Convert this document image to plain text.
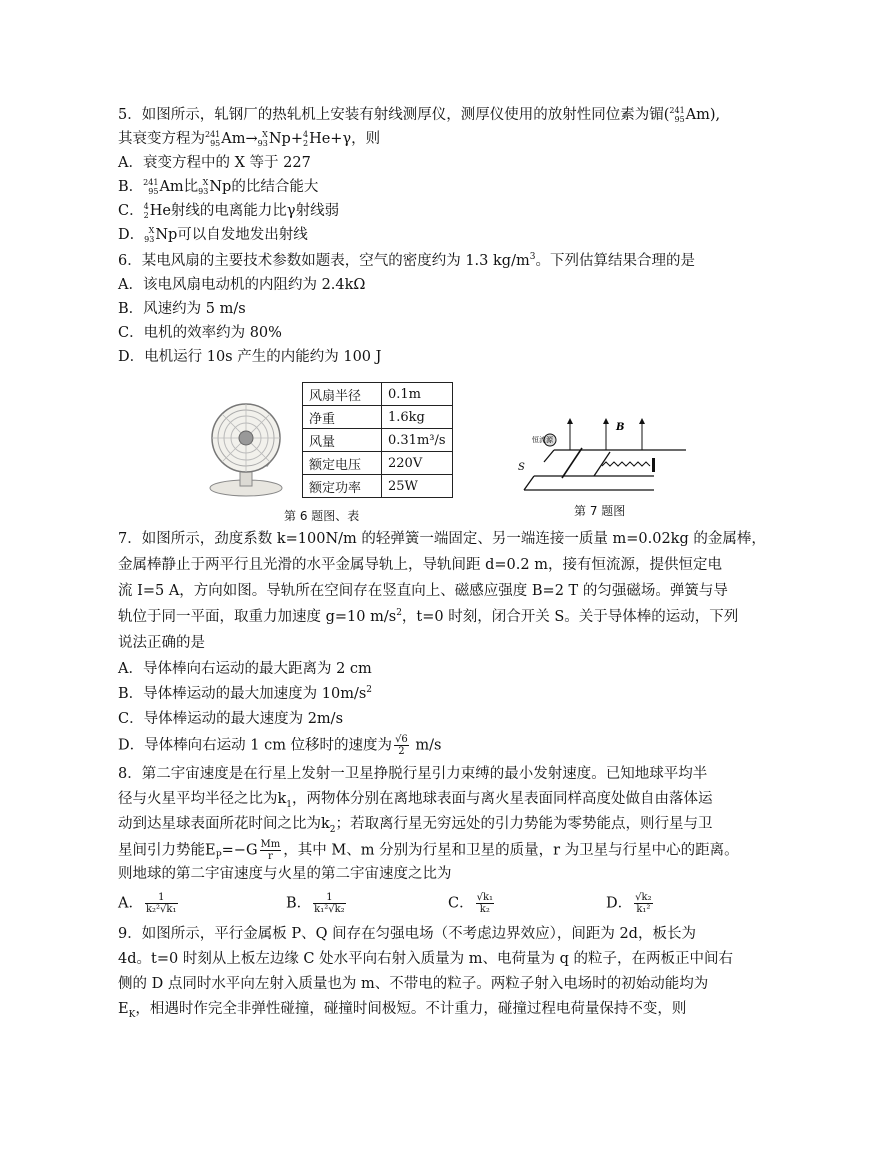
5．如图所示，轧钢厂的热轧机上安装有射线测厚仪，测厚仪使用的放射性同位素为镅(241
95Am),
其衰变方程为241
95Am→ X
93Np+4
2He+γ，则
A．衰变方程中的 X 等于 227
B．241
95Am比 X
93Np的比结合能大
C．4
2He射线的电离能力比γ射线弱
D． X
93Np可以自发地发出射线
6．某电风扇的主要技术参数如题表，空气的密度约为 1.3 $kg/m^3$。下列估算结果合理的是
A．该电风扇电动机的内阻约为 2.4kΩ
B．风速约为 5 m/s
C．电机的效率约为 80%
D．电机运行 10s 产生的内能约为 100 J
风扇半径	0.1m
净重	1.6kg
风量	0.31m³/s
额定电压	220V
额定功率	25W
第 6 题图、表
B
S
恒流源
第 7 题图
7．如图所示，劲度系数 k=100N/m 的轻弹簧一端固定、另一端连接一质量 m=0.02kg 的金属棒，
金属棒静止于两平行且光滑的水平金属导轨上，导轨间距 d=0.2 m，接有恒流源，提供恒定电
流 I=5 A，方向如图。导轨所在空间存在竖直向上、磁感应强度 B=2 T 的匀强磁场。弹簧与导
轨位于同一平面，取重力加速度 g=10 $m/s^2$，t=0 时刻，闭合开关 S。关于导体棒的运动，下列
说法正确的是
A．导体棒向右运动的最大距离为 2 cm
B．导体棒运动的最大加速度为 $10m/s^2$
C．导体棒运动的最大速度为 2m/s
D．导体棒向右运动 1 cm 位移时的速度为 $\frac{√6}{2} m/s$
8．第二宇宙速度是在行星上发射一卫星挣脱行星引力束缚的最小发射速度。已知地球平均半
径与火星平均半径之比为$k_1$，两物体分别在离地球表面与离火星表面同样高度处做自由落体运
动到达星球表面所花时间之比为$k_2$；若取离行星无穷远处的引力势能为零势能点，则行星与卫
星间引力势能$E_P=-G \frac{Mm}{r}$ ，其中 M、m 分别为行星和卫星的质量，r 为卫星与行星中心的距离。
则地球的第二宇宙速度与火星的第二宇宙速度之比为
A． $\frac{1}{\text{k₂²√k₁}}$	B． $\frac{1}{\text{k₁²√k₂}}$	C． $\frac{\text{√k₁}}{\text{k₂}}$	D． $\frac{\text{√k₂}}{\text{k₁²}}$
9．如图所示，平行金属板 P、Q 间存在匀强电场（不考虑边界效应），间距为 2d，板长为
4d。t=0 时刻从上板左边缘 C 处水平向右射入质量为 m、电荷量为 q 的粒子，在两板正中间右
侧的 D 点同时水平向左射入质量也为 m、不带电的粒子。两粒子射入电场时的初始动能均为
$E_K$，相遇时作完全非弹性碰撞，碰撞时间极短。不计重力，碰撞过程电荷量保持不变，则
